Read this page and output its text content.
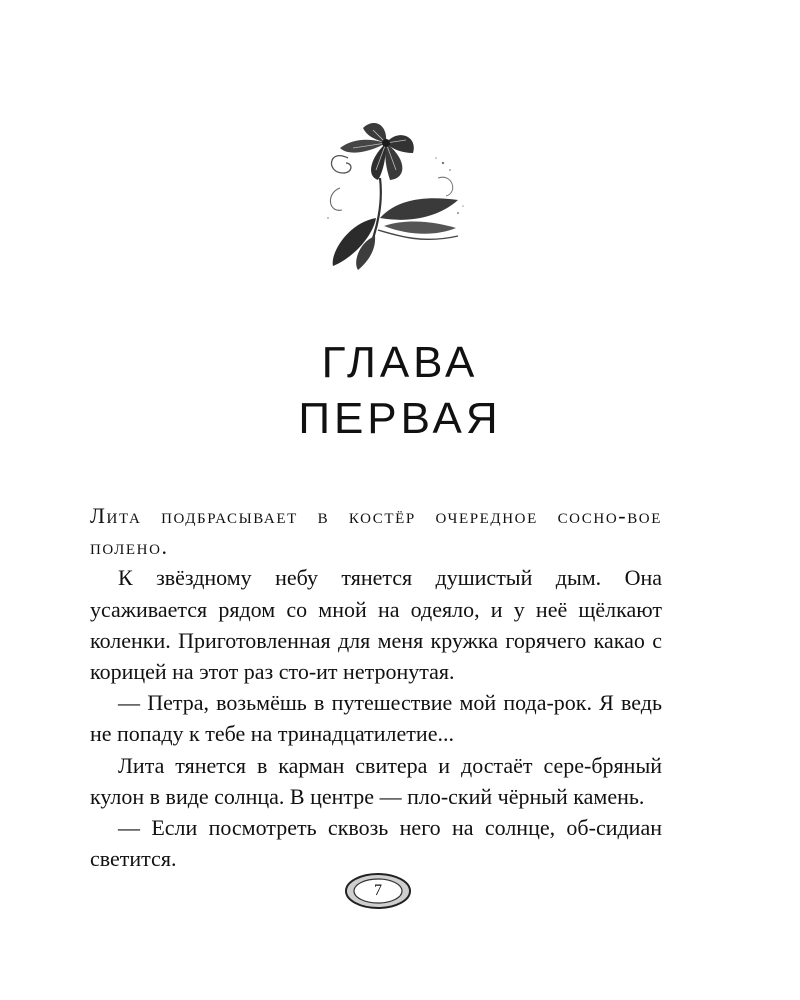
ГЛАВА
ПЕРВАЯ

Лита подбрасывает в костёр очередное сосно-вое полено.

К звёздному небу тянется душистый дым. Она усаживается рядом со мной на одеяло, и у неё щёлкают коленки. Приготовленная для меня кружка горячего какао с корицей на этот раз сто-ит нетронутая.

— Петра, возьмёшь в путешествие мой пода-рок. Я ведь не попаду к тебе на тринадцатилетие...

Лита тянется в карман свитера и достаёт сере-бряный кулон в виде солнца. В центре — пло-ский чёрный камень.

— Если посмотреть сквозь него на солнце, об-сидиан светится.

7
